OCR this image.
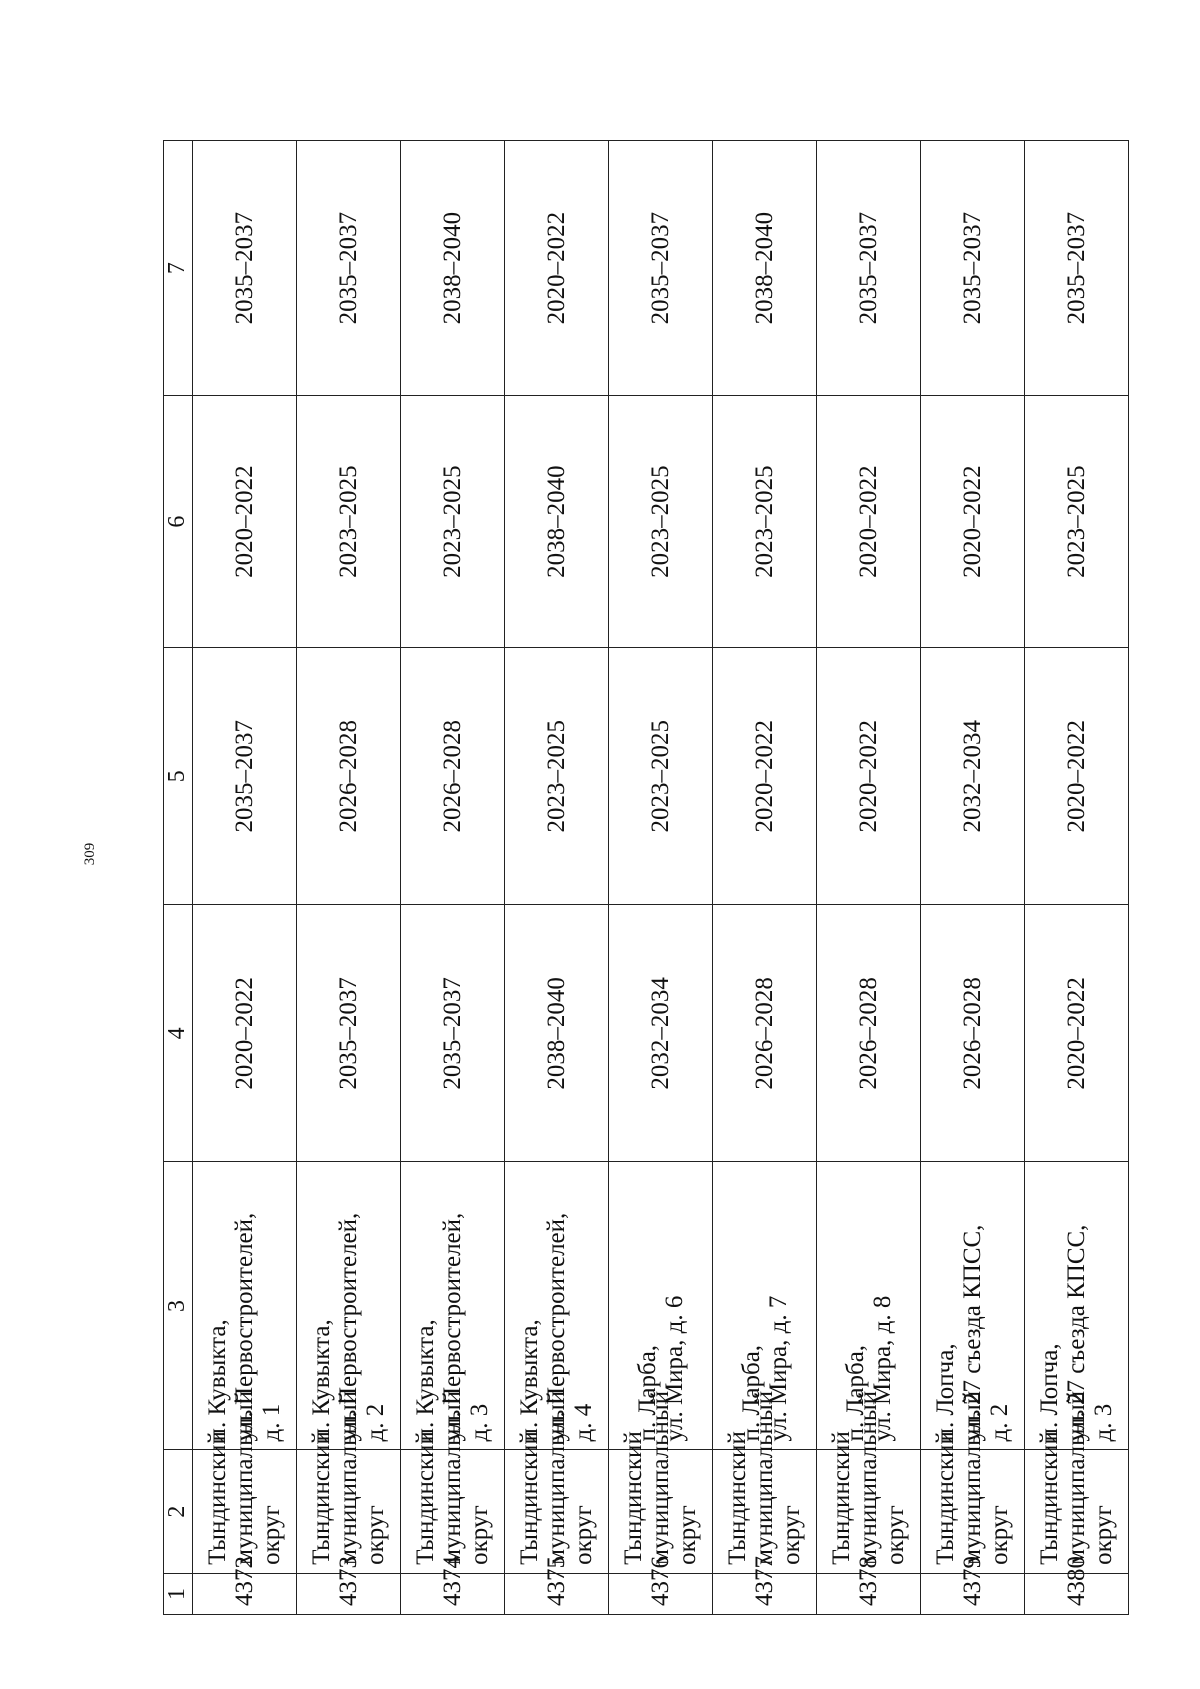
309
1	2	3	4	5	6	7
4372	Тындинский муниципальный округ	п. Кувыкта, ул. Первостроителей, д. 1	2020–2022	2035–2037	2020–2022	2035–2037
4373	Тындинский муниципальный округ	п. Кувыкта, ул. Первостроителей, д. 2	2035–2037	2026–2028	2023–2025	2035–2037
4374	Тындинский муниципальный округ	п. Кувыкта, ул. Первостроителей, д. 3	2035–2037	2026–2028	2023–2025	2038–2040
4375	Тындинский муниципальный округ	п. Кувыкта, ул. Первостроителей, д. 4	2038–2040	2023–2025	2038–2040	2020–2022
4376	Тындинский муниципальный округ	п. Ларба, ул. Мира, д. 6	2032–2034	2023–2025	2023–2025	2035–2037
4377	Тындинский муниципальный округ	п. Ларба, ул. Мира, д. 7	2026–2028	2020–2022	2023–2025	2038–2040
4378	Тындинский муниципальный округ	п. Ларба, ул. Мира, д. 8	2026–2028	2020–2022	2020–2022	2035–2037
4379	Тындинский муниципальный округ	п. Лопча, ул. 27 съезда КПСС, д. 2	2026–2028	2032–2034	2020–2022	2035–2037
4380	Тындинский муниципальный округ	п. Лопча, ул. 27 съезда КПСС, д. 3	2020–2022	2020–2022	2023–2025	2035–2037
